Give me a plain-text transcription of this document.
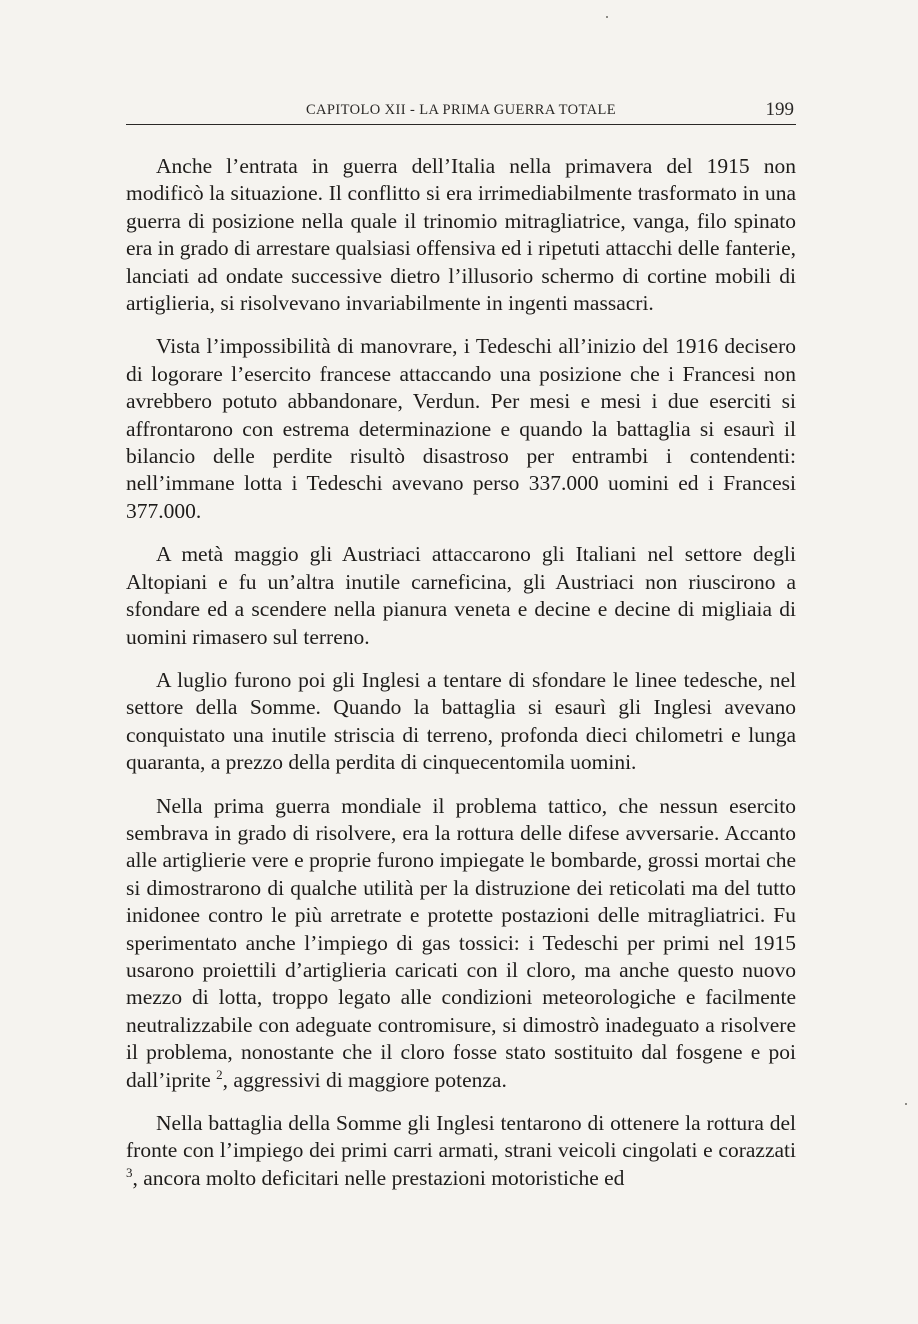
CAPITOLO XII - LA PRIMA GUERRA TOTALE	199

Anche l’entrata in guerra dell’Italia nella primavera del 1915 non modificò la situazione. Il conflitto si era irrimediabilmente trasformato in una guerra di posizione nella quale il trinomio mitragliatrice, vanga, filo spinato era in grado di arrestare qualsiasi offensiva ed i ripetuti attacchi delle fanterie, lanciati ad ondate successive dietro l’illusorio schermo di cortine mobili di artiglieria, si risolvevano invariabilmente in ingenti massacri.

Vista l’impossibilità di manovrare, i Tedeschi all’inizio del 1916 decisero di logorare l’esercito francese attaccando una posizione che i Francesi non avrebbero potuto abbandonare, Verdun. Per mesi e mesi i due eserciti si affrontarono con estrema determinazione e quando la battaglia si esaurì il bilancio delle perdite risultò disastroso per entrambi i contendenti: nell’immane lotta i Tedeschi avevano perso 337.000 uomini ed i Francesi 377.000.

A metà maggio gli Austriaci attaccarono gli Italiani nel settore degli Altopiani e fu un’altra inutile carneficina, gli Austriaci non riuscirono a sfondare ed a scendere nella pianura veneta e decine e decine di migliaia di uomini rimasero sul terreno.

A luglio furono poi gli Inglesi a tentare di sfondare le linee tedesche, nel settore della Somme. Quando la battaglia si esaurì gli Inglesi avevano conquistato una inutile striscia di terreno, profonda dieci chilometri e lunga quaranta, a prezzo della perdita di cinquecentomila uomini.

Nella prima guerra mondiale il problema tattico, che nessun esercito sembrava in grado di risolvere, era la rottura delle difese avversarie. Accanto alle artiglierie vere e proprie furono impiegate le bombarde, grossi mortai che si dimostrarono di qualche utilità per la distruzione dei reticolati ma del tutto inidonee contro le più arretrate e protette postazioni delle mitragliatrici. Fu sperimentato anche l’impiego di gas tossici: i Tedeschi per primi nel 1915 usarono proiettili d’artiglieria caricati con il cloro, ma anche questo nuovo mezzo di lotta, troppo legato alle condizioni meteorologiche e facilmente neutralizzabile con adeguate contromisure, si dimostrò inadeguato a risolvere il problema, nonostante che il cloro fosse stato sostituito dal fosgene e poi dall’iprite $^2$, aggressivi di maggiore potenza.

Nella battaglia della Somme gli Inglesi tentarono di ottenere la rottura del fronte con l’impiego dei primi carri armati, strani veicoli cingolati e corazzati $^3$, ancora molto deficitari nelle prestazioni motoristiche ed
